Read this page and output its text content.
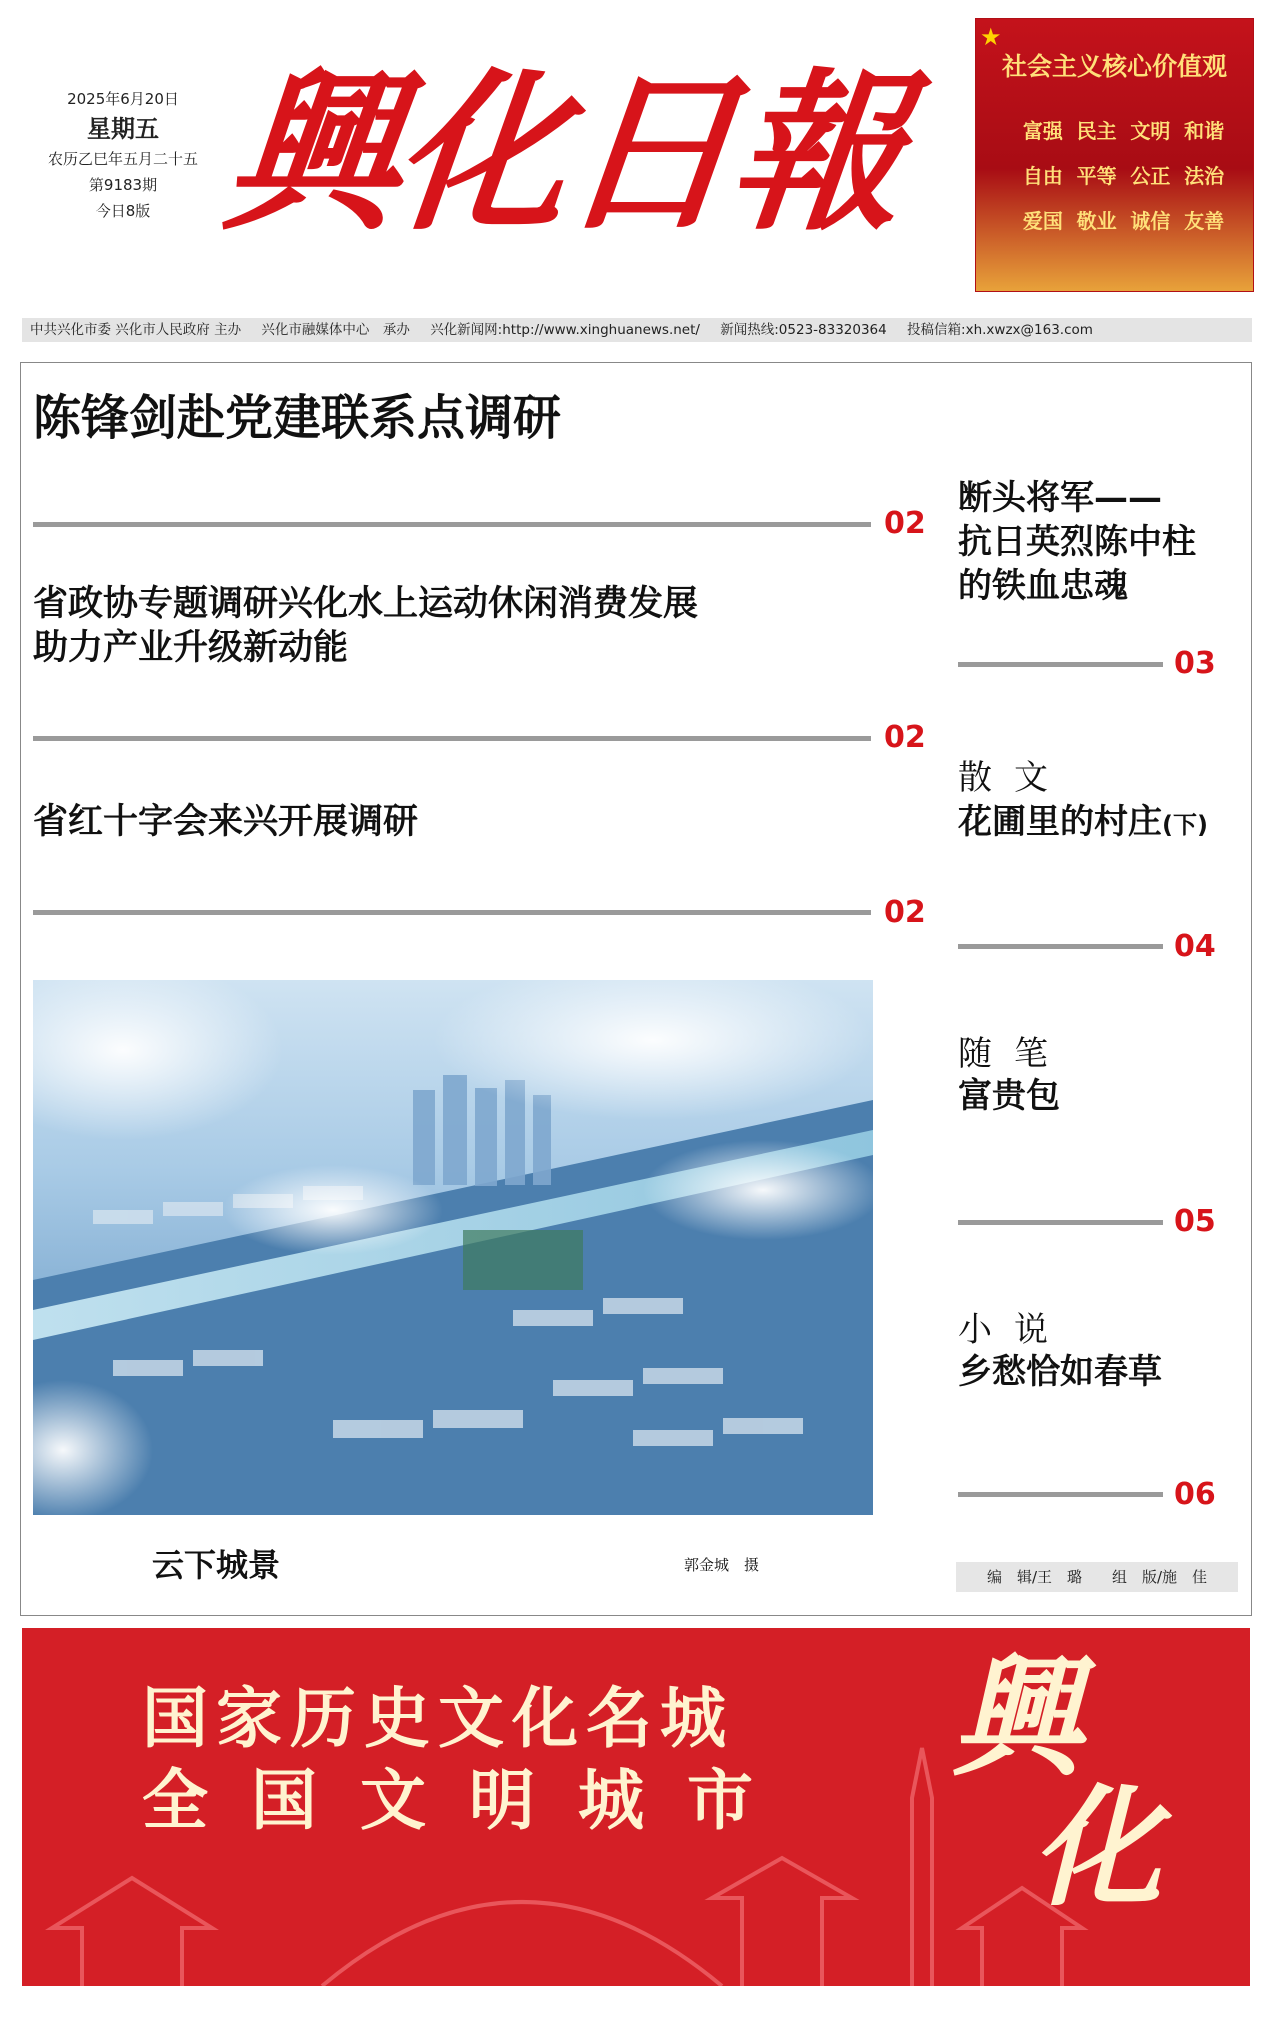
2025年6月20日
星期五
农历乙巳年五月二十五
第9183期
今日8版 興化日報
★
社会主义核心价值观
富强 民主 文明 和谐
自由 平等 公正 法治
爱国 敬业 诚信 友善
中共兴化市委 兴化市人民政府 主办 兴化市融媒体中心　承办 兴化新闻网:http://www.xinghuanews.net/ 新闻热线:0523-83320364 投稿信箱:xh.xwzx@163.com
陈锋剑赴党建联系点调研
02
省政协专题调研兴化水上运动休闲消费发展
助力产业升级新动能
02
省红十字会来兴开展调研
02
云下城景	郭金城　摄
断头将军——
抗日英烈陈中柱
的铁血忠魂
03
散文
花圃里的村庄(下)
04
随笔
富贵包
05
小说
乡愁恰如春草
06
编　辑/王　璐　　组　版/施　佳
国家历史文化名城
全国文明城市
興
化
